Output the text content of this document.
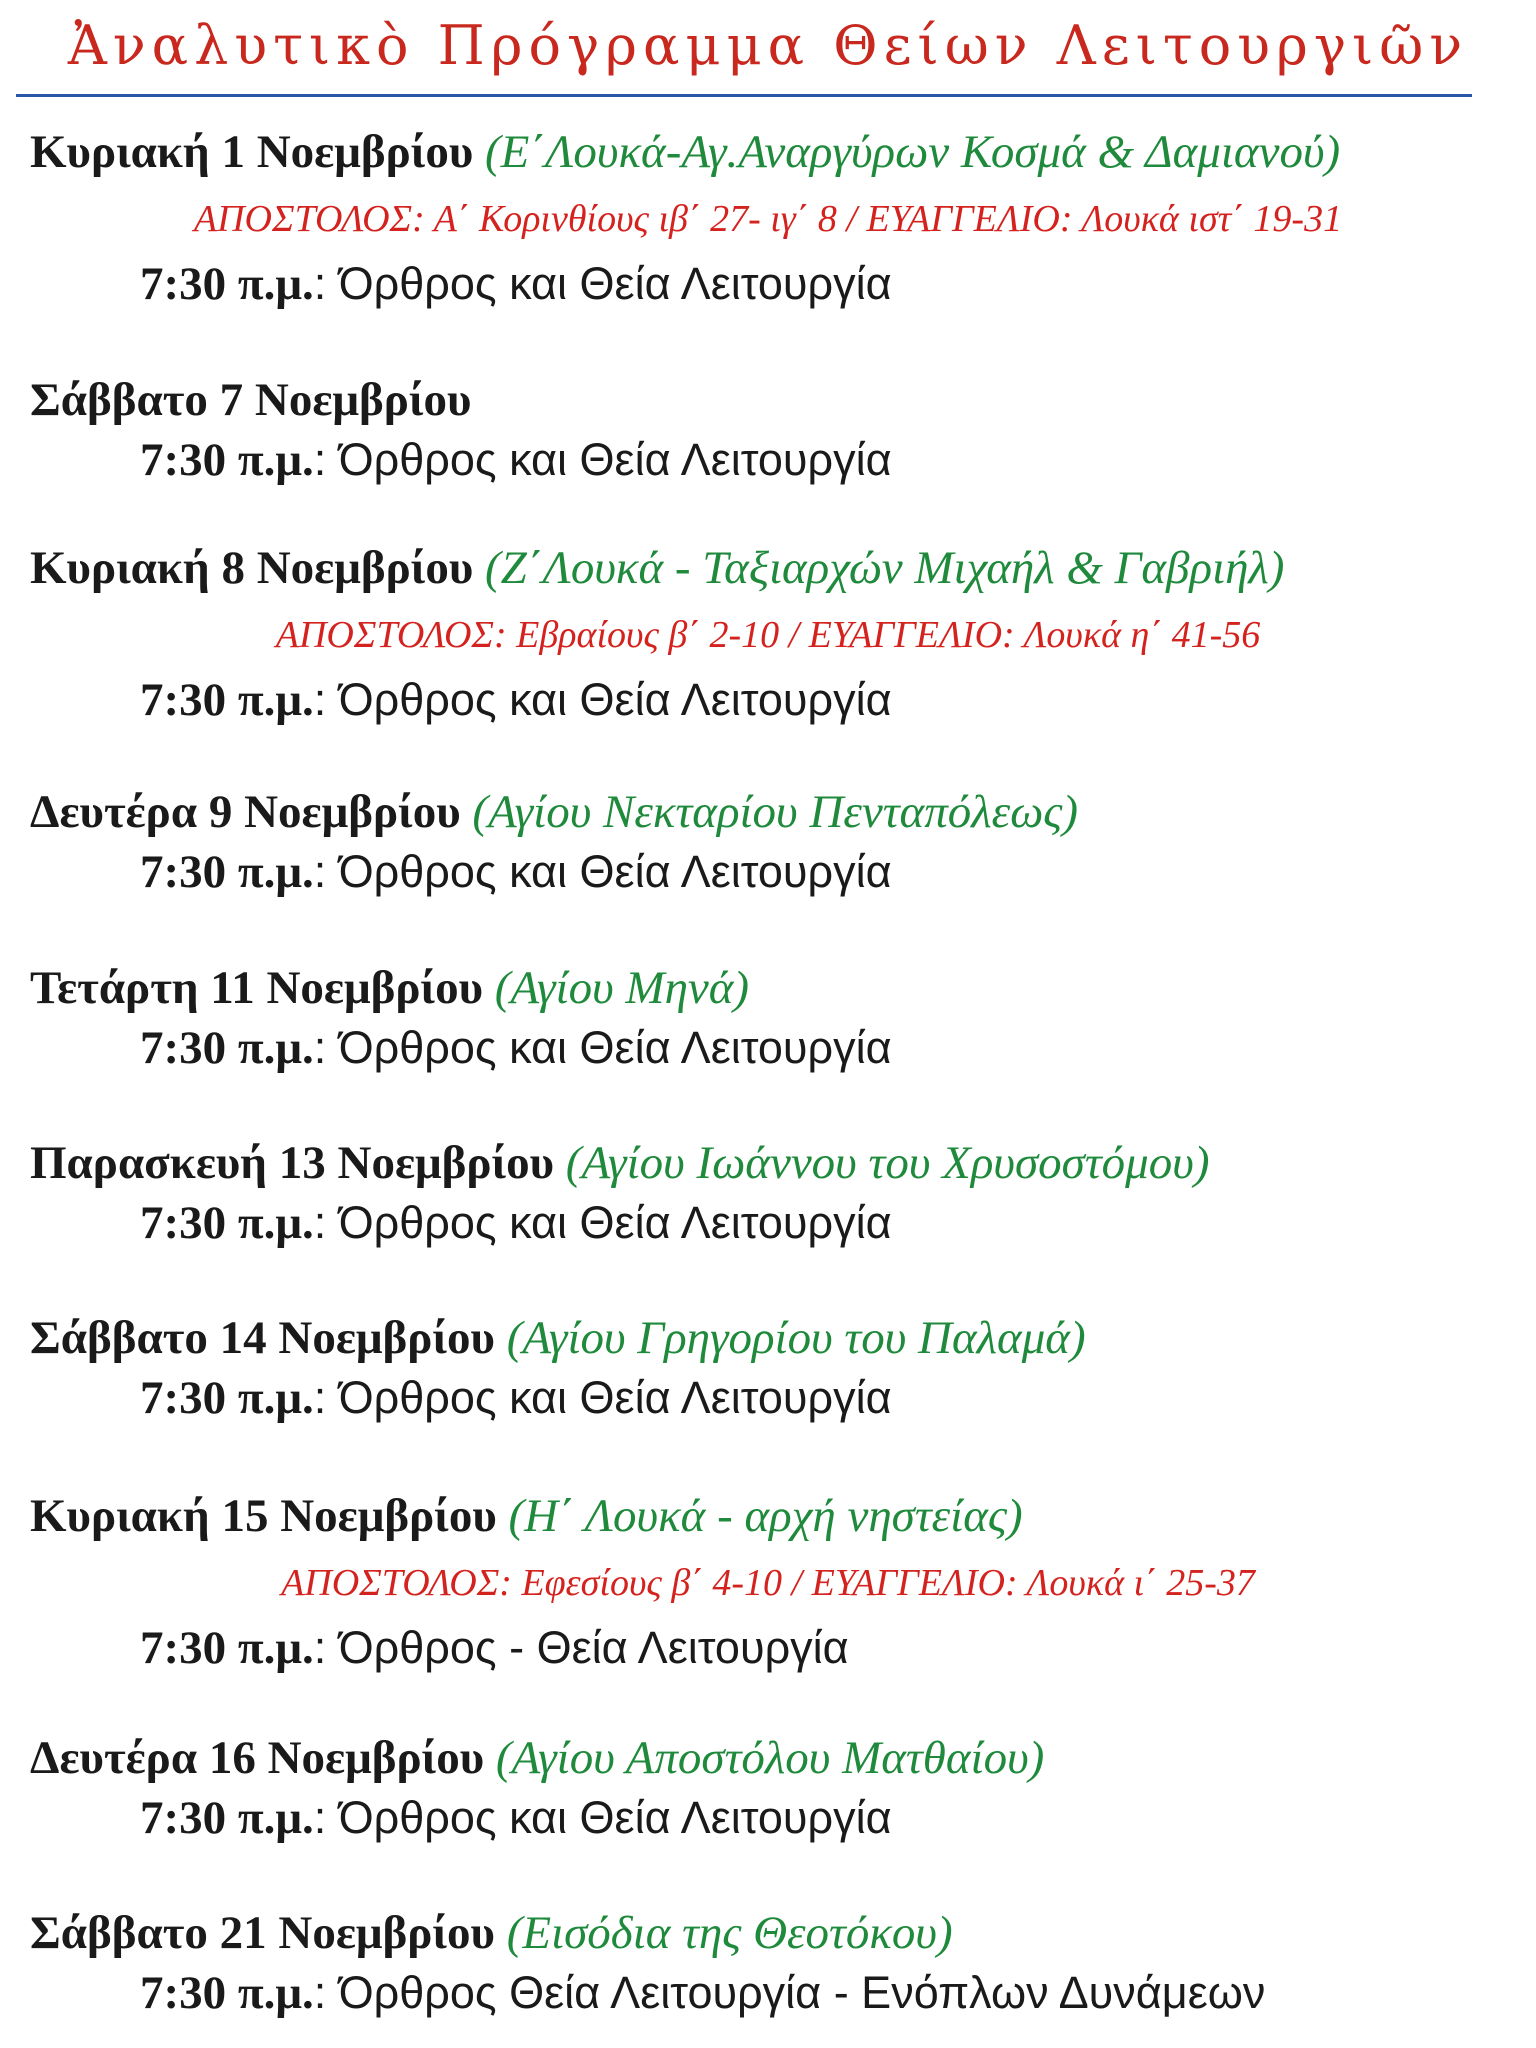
Ἀναλυτικὸ Πρόγραμμα Θείων Λειτουργιῶν
Κυριακή 1 Νοεμβρίου (Ε΄Λουκά-Αγ.Αναργύρων Κοσμά & Δαμιανού)
ΑΠΟΣΤΟΛΟΣ: Α΄ Κορινθίους ιβ΄ 27- ιγ΄ 8 / ΕΥΑΓΓΕΛΙΟ: Λουκά ιστ΄ 19-31
7:30 π.μ.: Όρθρος και Θεία Λειτουργία
Σάββατο 7 Νοεμβρίου
7:30 π.μ.: Όρθρος και Θεία Λειτουργία
Κυριακή 8 Νοεμβρίου (Ζ΄Λουκά - Ταξιαρχών Μιχαήλ & Γαβριήλ)
ΑΠΟΣΤΟΛΟΣ: Εβραίους β΄ 2-10 / ΕΥΑΓΓΕΛΙΟ: Λουκά η΄ 41-56
7:30 π.μ.: Όρθρος και Θεία Λειτουργία
Δευτέρα 9 Νοεμβρίου (Αγίου Νεκταρίου Πενταπόλεως)
7:30 π.μ.: Όρθρος και Θεία Λειτουργία
Τετάρτη 11 Νοεμβρίου (Αγίου Μηνά)
7:30 π.μ.: Όρθρος και Θεία Λειτουργία
Παρασκευή 13 Νοεμβρίου (Αγίου Ιωάννου του Χρυσοστόμου)
7:30 π.μ.: Όρθρος και Θεία Λειτουργία
Σάββατο 14 Νοεμβρίου (Αγίου Γρηγορίου του Παλαμά)
7:30 π.μ.: Όρθρος και Θεία Λειτουργία
Κυριακή 15 Νοεμβρίου (Η΄ Λουκά - αρχή νηστείας)
ΑΠΟΣΤΟΛΟΣ: Εφεσίους β΄ 4-10 / ΕΥΑΓΓΕΛΙΟ: Λουκά ι΄ 25-37
7:30 π.μ.: Όρθρος - Θεία Λειτουργία
Δευτέρα 16 Νοεμβρίου (Αγίου Αποστόλου Ματθαίου)
7:30 π.μ.: Όρθρος και Θεία Λειτουργία
Σάββατο 21 Νοεμβρίου (Εισόδια της Θεοτόκου)
7:30 π.μ.: Όρθρος Θεία Λειτουργία - Ενόπλων Δυνάμεων
